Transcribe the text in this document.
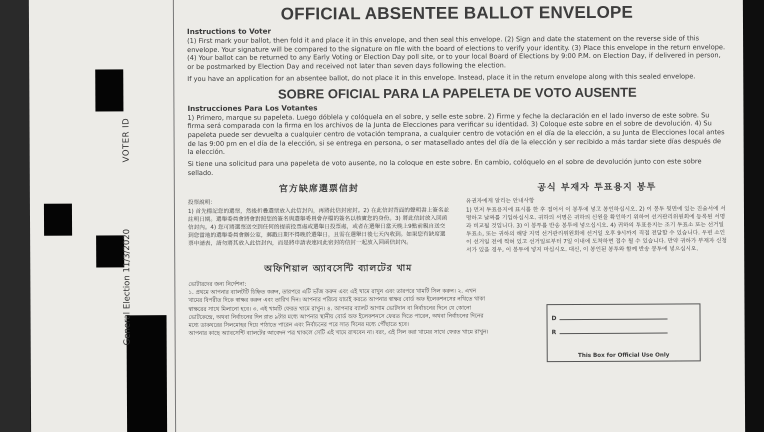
VOTER ID
General Election 11/3/2020
OFFICIAL ABSENTEE BALLOT ENVELOPE
Instructions to Voter
(1) First mark your ballot, then fold it and place it in this envelope, and then seal this envelope. (2) Sign and date the statement on the reverse side of this envelope. Your signature will be compared to the signature on file with the board of elections to verify your identity. (3) Place this envelope in the return envelope. (4) Your ballot can be returned to any Early Voting or Election Day poll site, or to your local Board of Elections by 9:00 P.M. on Election Day, if delivered in person, or be postmarked by Election Day and received not later than seven days following the election.
If you have an application for an absentee ballot, do not place it in this envelope. Instead, place it in the return envelope along with this sealed envelope.
SOBRE OFICIAL PARA LA PAPELETA DE VOTO AUSENTE
Instrucciones Para Los Votantes
1) Primero, marque su papeleta. Luego dóblela y colóquela en el sobre, y selle este sobre. 2) Firme y feche la declaración en el lado inverso de este sobre. Su firma será comparada con la firma en los archivos de la Junta de Elecciones para verificar su identidad. 3) Coloque este sobre en el sobre de devolución. 4) Su papeleta puede ser devuelta a cualquier centro de votación temprana, a cualquier centro de votación en el día de la elección, a su Junta de Elecciones local antes de las 9:00 pm en el día de la elección, si se entrega en persona, o ser matasellado antes del día de la elección y ser recibido a más tardar siete días después de la elección.
Si tiene una solicitud para una papeleta de voto ausente, no la coloque en este sobre. En cambio, colóquelo en el sobre de devolución junto con este sobre sellado.
官方缺席選票信封

投票說明：

1) 首先標記您的選票，然後折疊選票放入此信封內，再將此信封密封。2) 在此信封背面的聲明書上簽名並註明日期。選舉委員會將會對照您的簽名與選舉委員會存檔的簽名以核實您的身份。3) 將此信封放入回函信封內。4) 您可將選票送交到任何的提前投票處或選舉日投票處，或者在選舉日當天晚上9點前親自送交到您當地的選舉委員會辦公室，郵戳日期不得晚於選舉日，且需在選舉日後七天內收到。如果您有缺席選票申請表，請勿將其放入此信封內，而是將申請表連同此密封的信封一起放入回函信封內。

공식 부재자 투표용지 봉투

유권자에게 알리는 안내사항

1) 먼저 투표용지에 표시를 한 후 접어서 이 봉투에 넣고 봉인하십시오. 2) 이 봉투 뒷면에 있는 진술서에 서명하고 날짜를 기입하십시오. 귀하의 서명은 귀하의 신원을 확인하기 위하여 선거관리위원회에 등록된 서명과 비교될 것입니다. 3) 이 봉투를 반송 봉투에 넣으십시오. 4) 귀하의 투표용지는 조기 투표소 또는 선거일 투표소, 또는 귀하의 해당 지역 선거관리위원회에 선거일 오후 9시까지 직접 전달할 수 있습니다. 우편 소인이 선거일 전에 찍혀 있고 선거일로부터 7일 이내에 도착하면 접수 될 수 있습니다. 만약 귀하가 부재자 신청서가 있을 경우, 이 봉투에 넣지 마십시오. 대신, 이 봉인된 봉투와 함께 반송 봉투에 넣으십시오.

অফিশিয়াল অ্যাবসেন্টি ব্যালটের খাম

ভোটারদের জন্য নির্দেশনা:

১. প্রথমে আপনার ব্যালটটি চিহ্নিত করুন, তারপরে এটি ভাঁজ করুন এবং এই খামে রাখুন এবং তারপরে খামটি সিল করুন। ২. এখন খামের বিপরীত দিকে স্বাক্ষর করুন এবং তারিখ দিন। আপনার পরিচয় যাচাই করতে আপনার স্বাক্ষর বোর্ড অফ ইলেকশনসের নথিতে থাকা স্বাক্ষরের সাথে মিলানো হবে। ৩. এই খামটি ফেরত খামে রাখুন। ৪. আপনার ব্যালট আগাম ভোটদান বা নির্বাচনের দিনে যে কোনো ভোটকেন্দ্রে, অথবা নির্বাচনের দিন রাত ৯টার মধ্যে আপনার স্থানীয় বোর্ড অফ ইলেকশনসে ফেরত দিতে পারেন, অথবা নির্বাচনের দিনের মধ্যে ডাকঘরের সিলমোহর দিয়ে পাঠাতে পারেন এবং নির্বাচনের পরে সাত দিনের মধ্যে পৌঁছাতে হবে।

আপনার কাছে অ্যাবসেন্টি ব্যালটের আবেদন পত্র থাকলে সেটি এই খামে রাখবেন না। বরং, এই সিল করা খামের সাথে ফেরত খামে রাখুন।

D
R
This Box for Official Use Only
